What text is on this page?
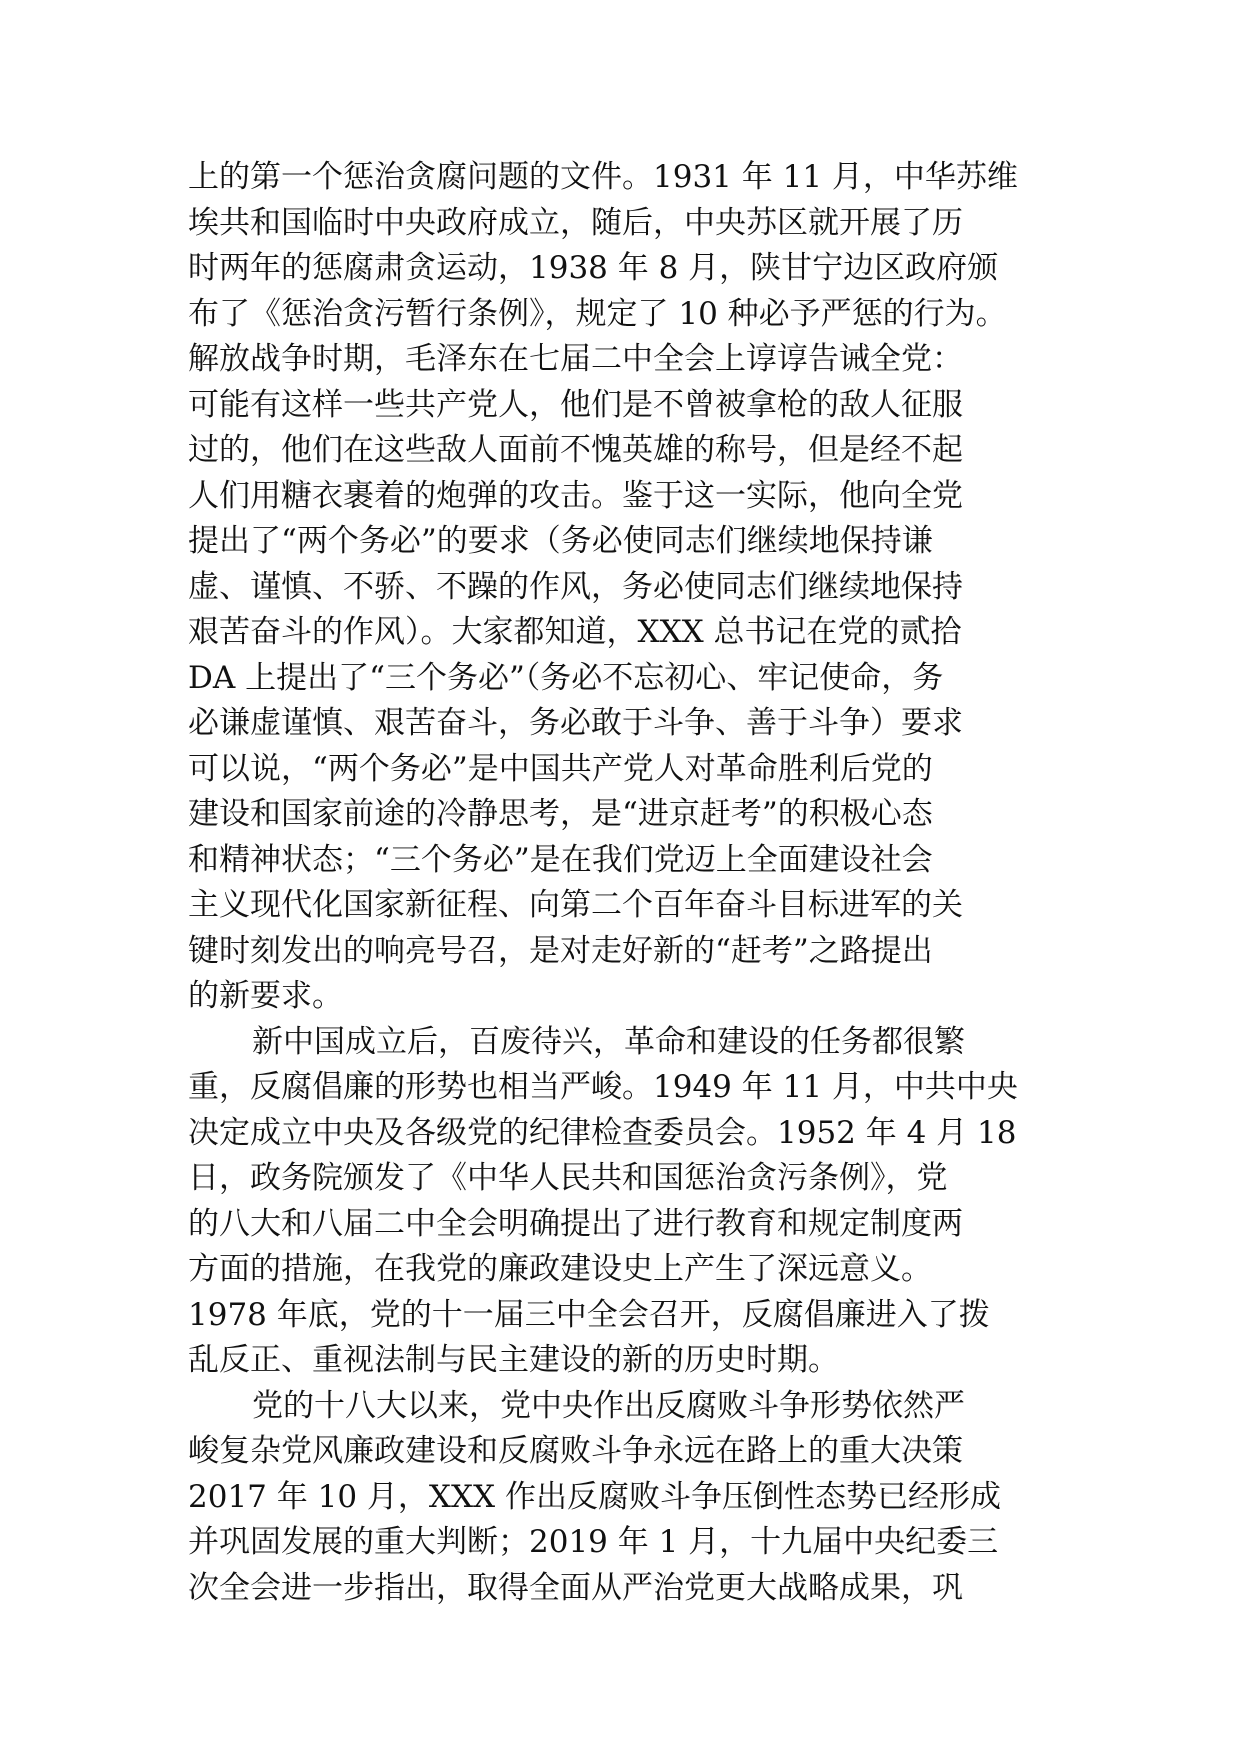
上的第一个惩治贪腐问题的文件。1931 年 11 月，中华苏维
埃共和国临时中央政府成立，随后，中央苏区就开展了历
时两年的惩腐肃贪运动，1938 年 8 月，陕甘宁边区政府颁
布了《惩治贪污暂行条例》，规定了 10 种必予严惩的行为。
解放战争时期，毛泽东在七届二中全会上谆谆告诫全党：
可能有这样一些共产党人，他们是不曾被拿枪的敌人征服
过的，他们在这些敌人面前不愧英雄的称号，但是经不起
人们用糖衣裹着的炮弹的攻击。鉴于这一实际，他向全党
提出了“两个务必”的要求（务必使同志们继续地保持谦
虚、谨慎、不骄、不躁的作风，务必使同志们继续地保持
艰苦奋斗的作风）。大家都知道，XXX 总书记在党的贰拾
DA 上提出了“三个务必”（务必不忘初心、牢记使命，务
必谦虚谨慎、艰苦奋斗，务必敢于斗争、善于斗争）要求
可以说，“两个务必”是中国共产党人对革命胜利后党的
建设和国家前途的冷静思考，是“进京赶考”的积极心态
和精神状态；“三个务必”是在我们党迈上全面建设社会
主义现代化国家新征程、向第二个百年奋斗目标进军的关
键时刻发出的响亮号召，是对走好新的“赶考”之路提出
的新要求。
新中国成立后，百废待兴，革命和建设的任务都很繁
重，反腐倡廉的形势也相当严峻。1949 年 11 月，中共中央
决定成立中央及各级党的纪律检查委员会。1952 年 4 月 18
日，政务院颁发了《中华人民共和国惩治贪污条例》，党
的八大和八届二中全会明确提出了进行教育和规定制度两
方面的措施，在我党的廉政建设史上产生了深远意义。
1978 年底，党的十一届三中全会召开，反腐倡廉进入了拨
乱反正、重视法制与民主建设的新的历史时期。
党的十八大以来，党中央作出反腐败斗争形势依然严
峻复杂党风廉政建设和反腐败斗争永远在路上的重大决策
2017 年 10 月，XXX 作出反腐败斗争压倒性态势已经形成
并巩固发展的重大判断；2019 年 1 月，十九届中央纪委三
次全会进一步指出，取得全面从严治党更大战略成果，巩
